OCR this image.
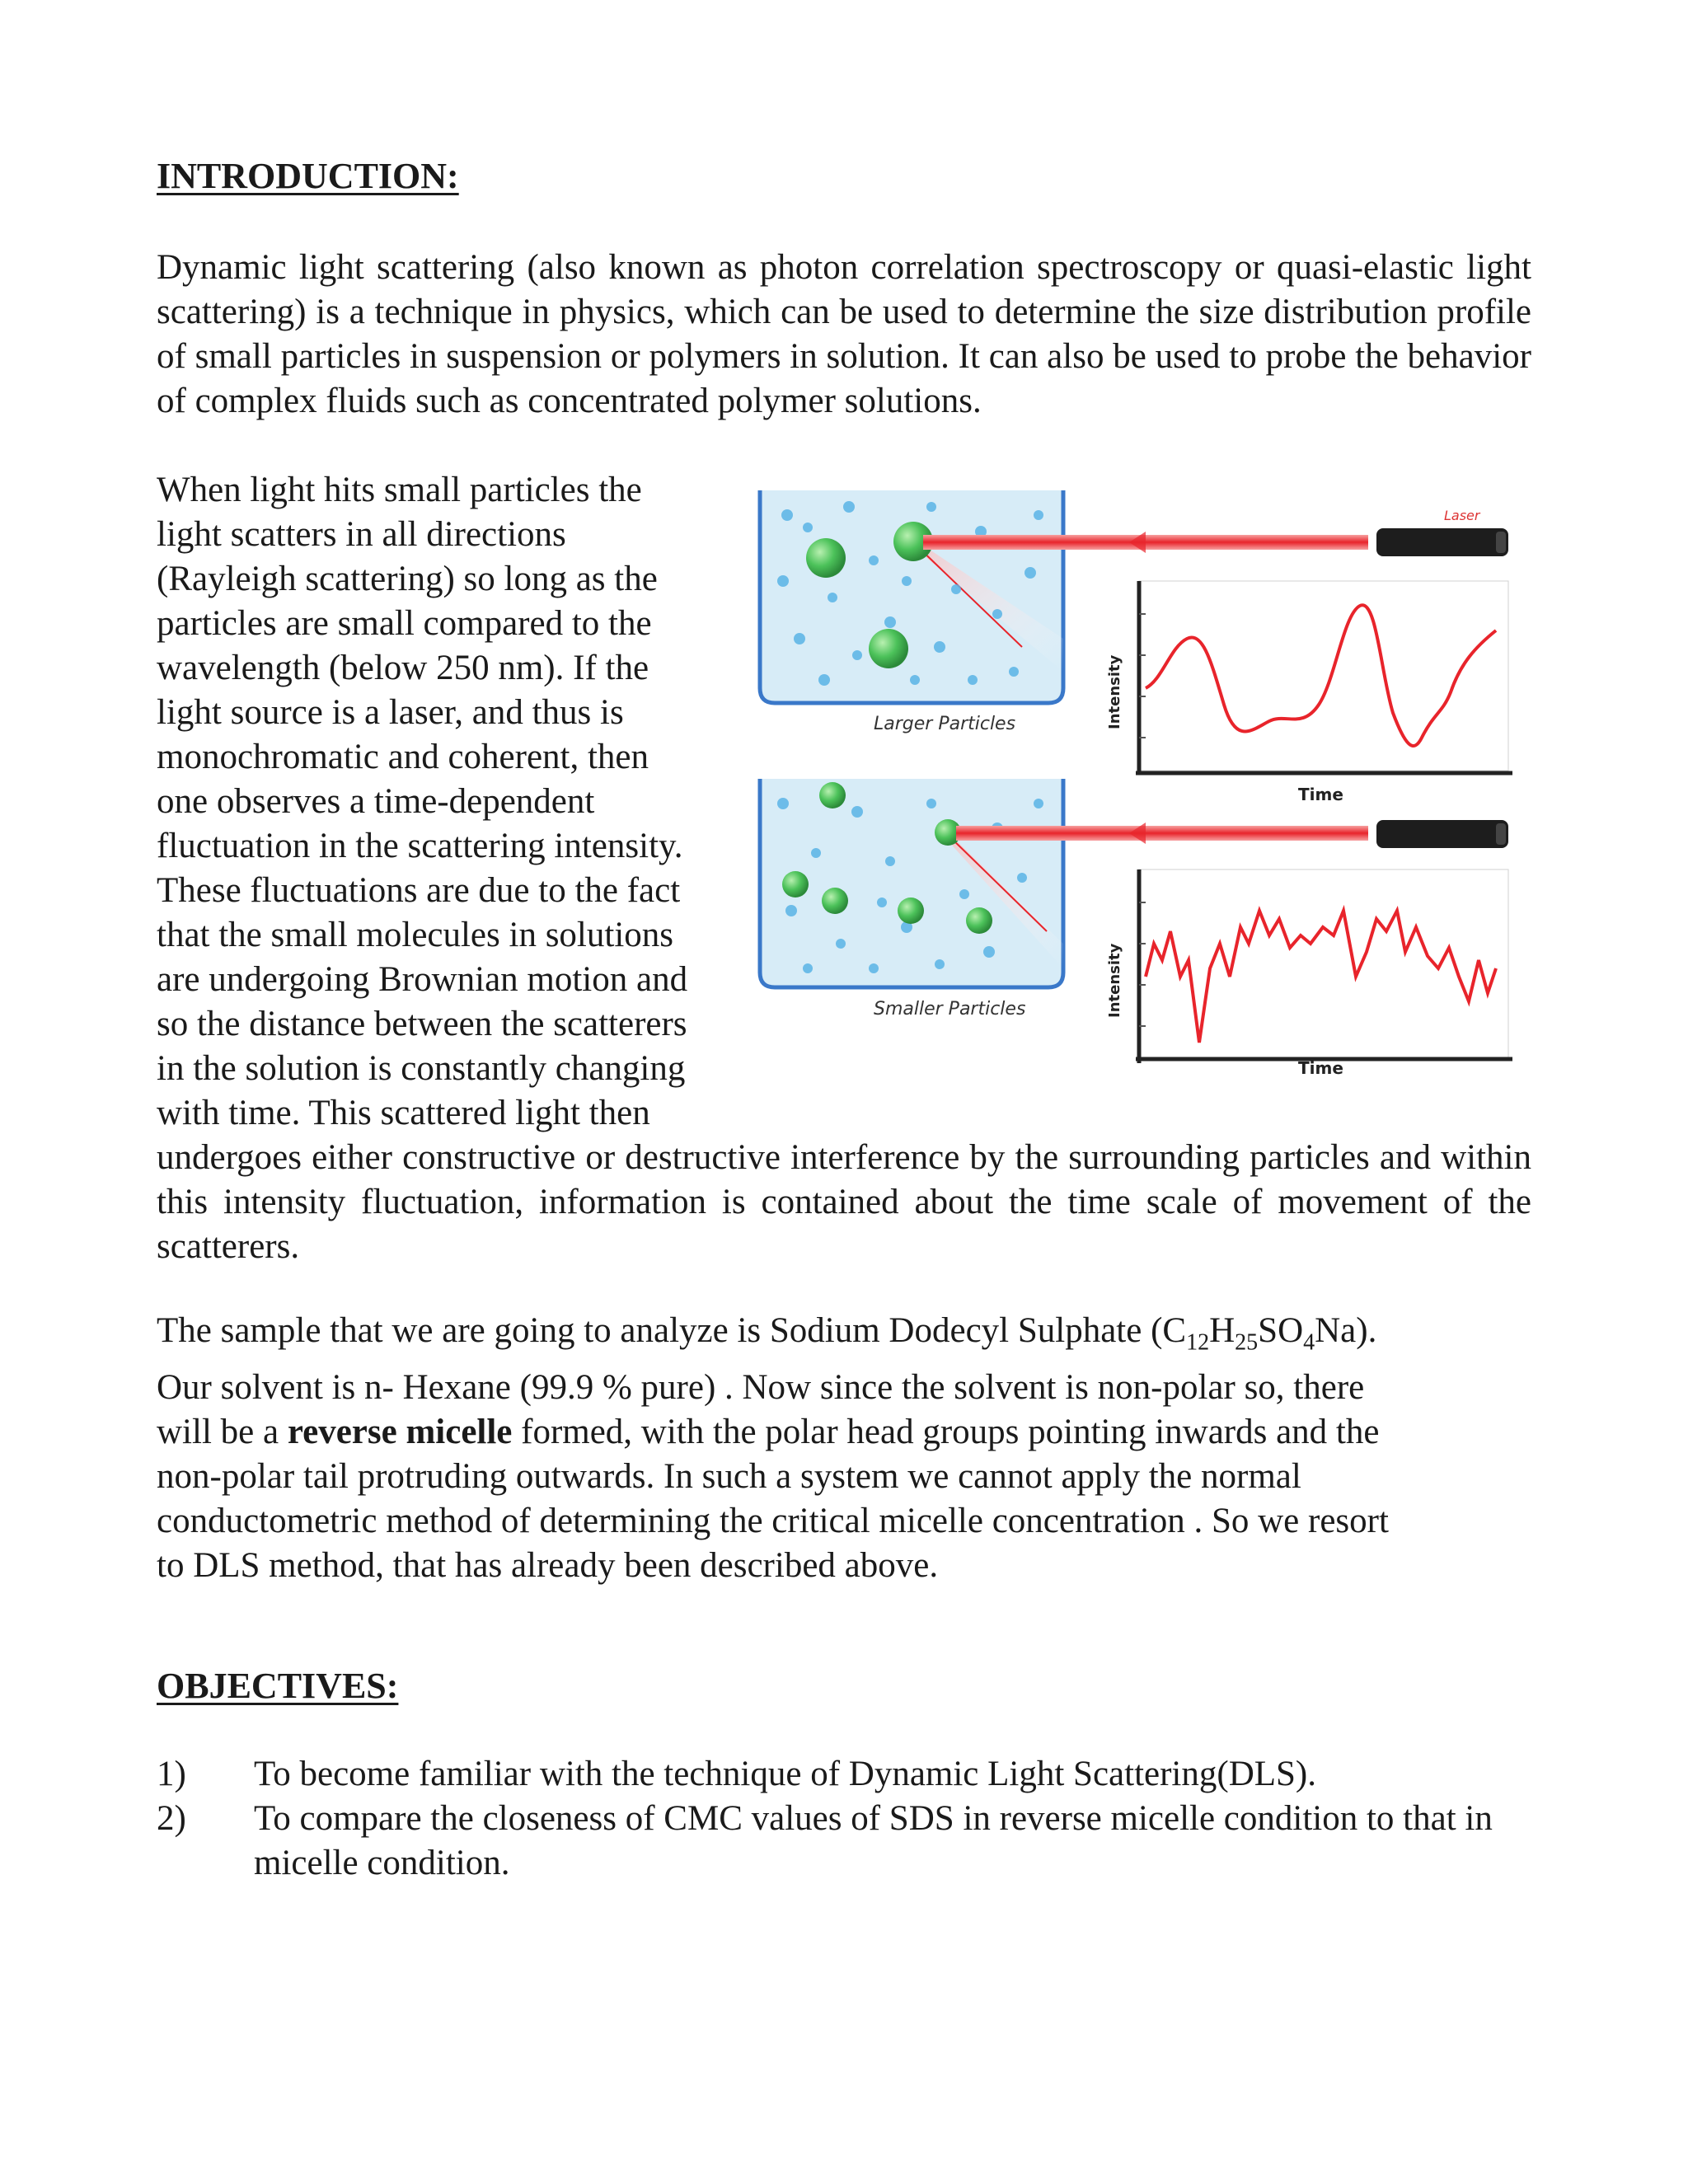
INTRODUCTION:

Dynamic light scattering (also known as photon correlation spectroscopy or quasi-elastic light scattering) is a technique in physics, which can be used to determine the size distribution profile of small particles in suspension or polymers in solution. It can also be used to probe the behavior of complex fluids such as concentrated polymer solutions.

When light hits small particles the
light scatters in all directions
(Rayleigh scattering) so long as the
particles are small compared to the
wavelength (below 250 nm). If the
light source is a laser, and thus is
monochromatic and coherent, then
one observes a time-dependent
fluctuation in the scattering intensity.
These fluctuations are due to the fact
that the small molecules in solutions
are undergoing Brownian motion and
so the distance between the scatterers
in the solution is constantly changing
with time. This scattered light then

undergoes either constructive or destructive interference by the surrounding particles and within this intensity fluctuation, information is contained about the time scale of movement of the scatterers.

The sample that we are going to analyze is Sodium Dodecyl Sulphate $(C_{12}H_{25}SO_4Na)$.
Our solvent is n- Hexane (99.9 % pure) . Now since the solvent is non-polar so, there
will be a reverse micelle formed, with the polar head groups pointing inwards and the
non-polar tail protruding outwards. In such a system we cannot apply the normal
conductometric method of determining the critical micelle concentration . So we resort
to DLS method, that has already been described above.
OBJECTIVES:
1) To become familiar with the technique of Dynamic Light Scattering(DLS).
2) To compare the closeness of CMC values of SDS in reverse micelle condition to that in micelle condition.
Laser
Larger Particles	Intensity
Time
Smaller Particles	Intensity
Time
